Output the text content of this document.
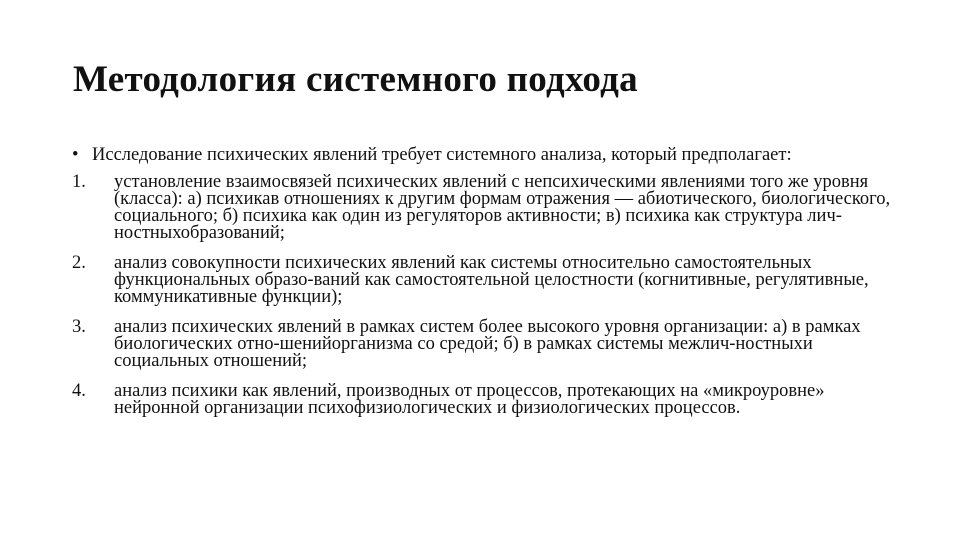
Методология системного подхода

• Исследование психических явлений требует системного анализа, который предполагает:

1. установление взаимосвязей психических явлений с непсихическими явлениями того же уровня (класса): а) психикав отношениях к другим формам отражения — абиотического, биологического, социального; б) психика как один из регуляторов активности; в) психика как структура лич-ностныхобразований;
2. анализ совокупности психических явлений как системы относительно самостоятельных функциональных образо-ваний как самостоятельной целостности (когнитивные, регулятивные, коммуникативные функции);
3. анализ психических явлений в рамках систем более высокого уровня организации: а) в рамках биологических отно-шенийорганизма со средой; б) в рамках системы межлич-ностныхи социальных отношений;
4. анализ психики как явлений, производных от процессов, протекающих на «микроуровне» нейронной организации психофизиологических и физиологических процессов.
